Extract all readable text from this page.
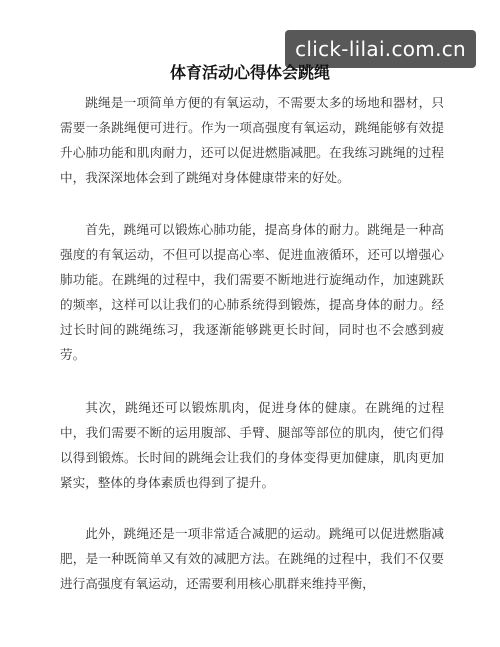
click-lilai.com.cn
体育活动心得体会跳绳

跳绳是一项简单方便的有氧运动，不需要太多的场地和器材，只需要一条跳绳便可进行。作为一项高强度有氧运动，跳绳能够有效提升心肺功能和肌肉耐力，还可以促进燃脂减肥。在我练习跳绳的过程中，我深深地体会到了跳绳对身体健康带来的好处。

首先，跳绳可以锻炼心肺功能，提高身体的耐力。跳绳是一种高强度的有氧运动，不但可以提高心率、促进血液循环，还可以增强心肺功能。在跳绳的过程中，我们需要不断地进行旋绳动作，加速跳跃的频率，这样可以让我们的心肺系统得到锻炼，提高身体的耐力。经过长时间的跳绳练习，我逐渐能够跳更长时间，同时也不会感到疲劳。

其次，跳绳还可以锻炼肌肉，促进身体的健康。在跳绳的过程中，我们需要不断的运用腹部、手臂、腿部等部位的肌肉，使它们得以得到锻炼。长时间的跳绳会让我们的身体变得更加健康，肌肉更加紧实，整体的身体素质也得到了提升。

此外，跳绳还是一项非常适合减肥的运动。跳绳可以促进燃脂减肥，是一种既简单又有效的减肥方法。在跳绳的过程中，我们不仅要进行高强度有氧运动，还需要利用核心肌群来维持平衡，
